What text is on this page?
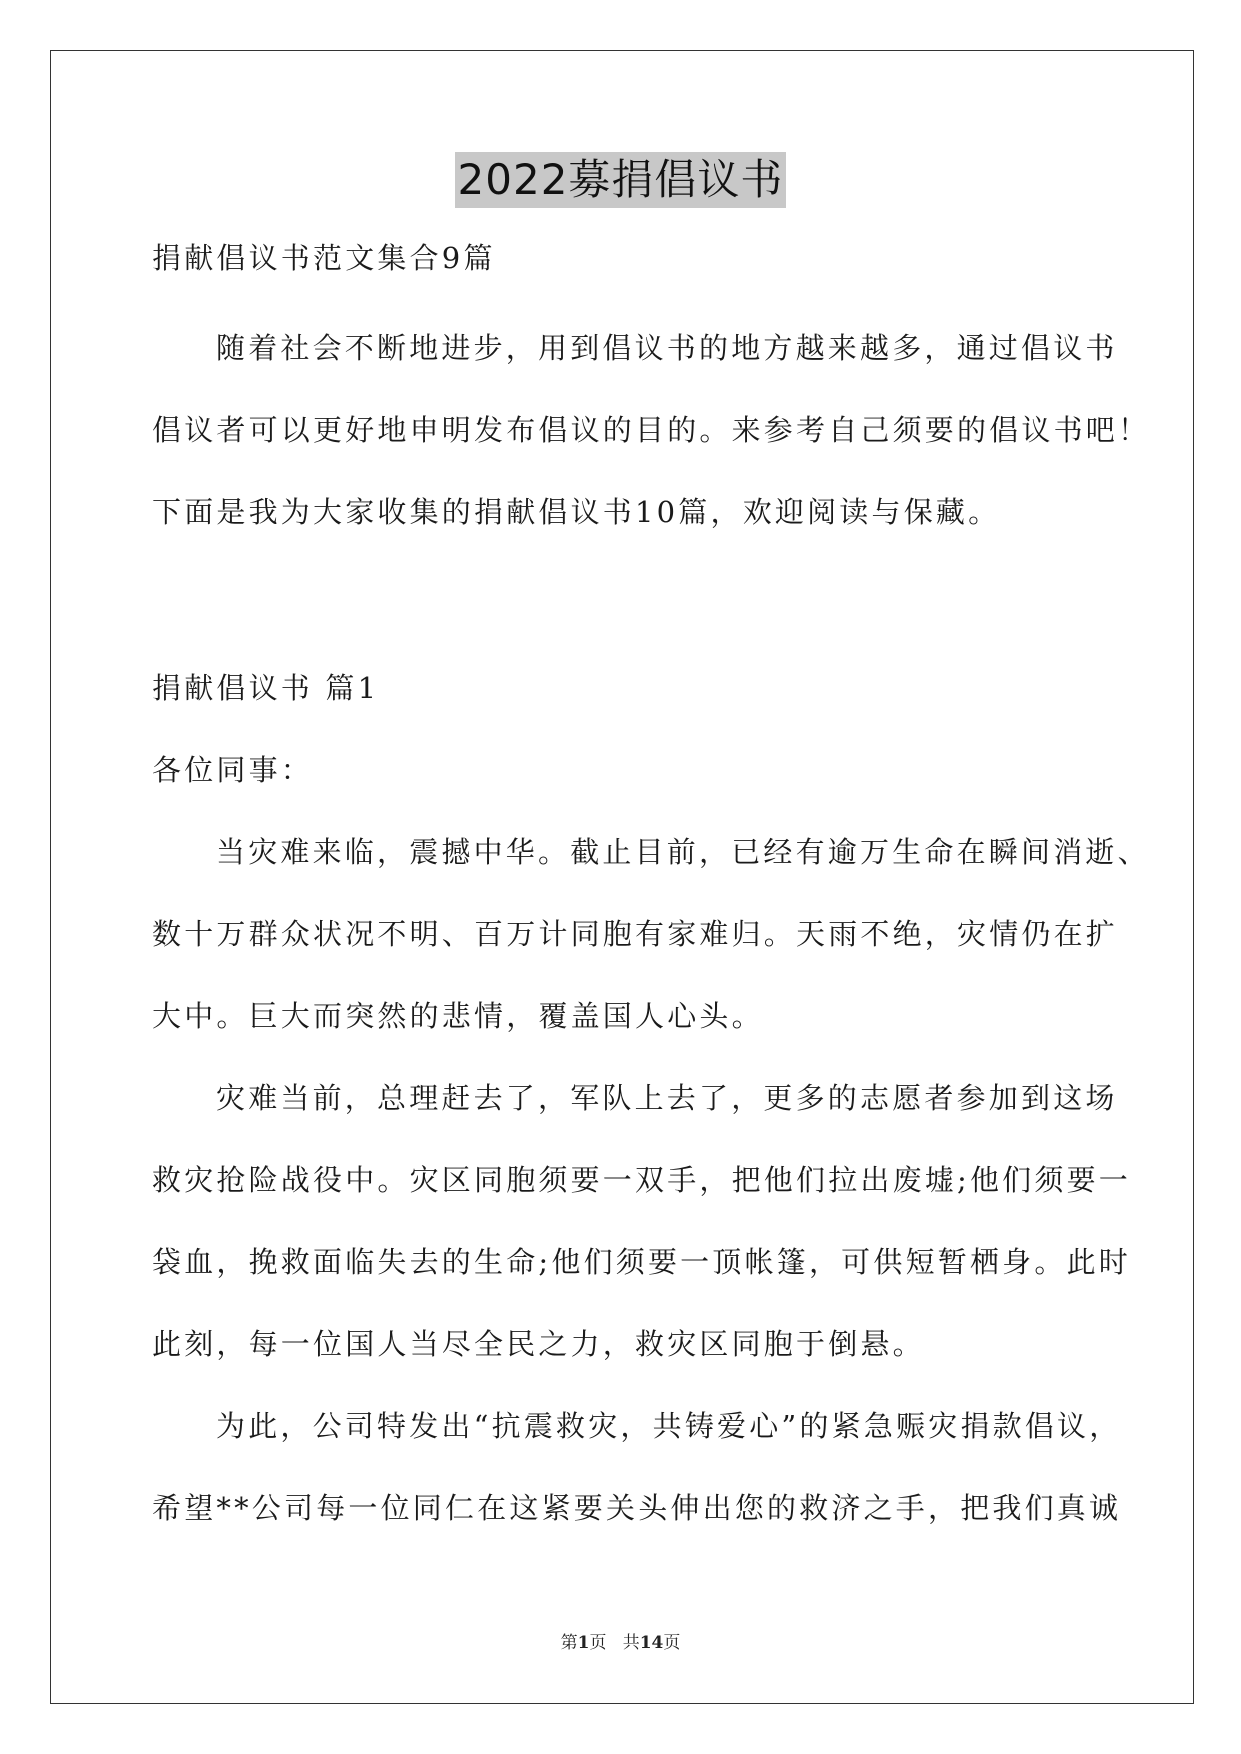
2022募捐倡议书
捐献倡议书范文集合9篇
随着社会不断地进步，用到倡议书的地方越来越多，通过倡议书
倡议者可以更好地申明发布倡议的目的。来参考自己须要的倡议书吧！
下面是我为大家收集的捐献倡议书10篇，欢迎阅读与保藏。
捐献倡议书 篇1
各位同事：
当灾难来临，震撼中华。截止目前，已经有逾万生命在瞬间消逝、
数十万群众状况不明、百万计同胞有家难归。天雨不绝，灾情仍在扩
大中。巨大而突然的悲情，覆盖国人心头。
灾难当前，总理赶去了，军队上去了，更多的志愿者参加到这场
救灾抢险战役中。灾区同胞须要一双手，把他们拉出废墟;他们须要一
袋血，挽救面临失去的生命;他们须要一顶帐篷，可供短暂栖身。此时
此刻，每一位国人当尽全民之力，救灾区同胞于倒悬。
为此，公司特发出“抗震救灾，共铸爱心”的紧急赈灾捐款倡议，
希望**公司每一位同仁在这紧要关头伸出您的救济之手，把我们真诚
第1页 共14页
